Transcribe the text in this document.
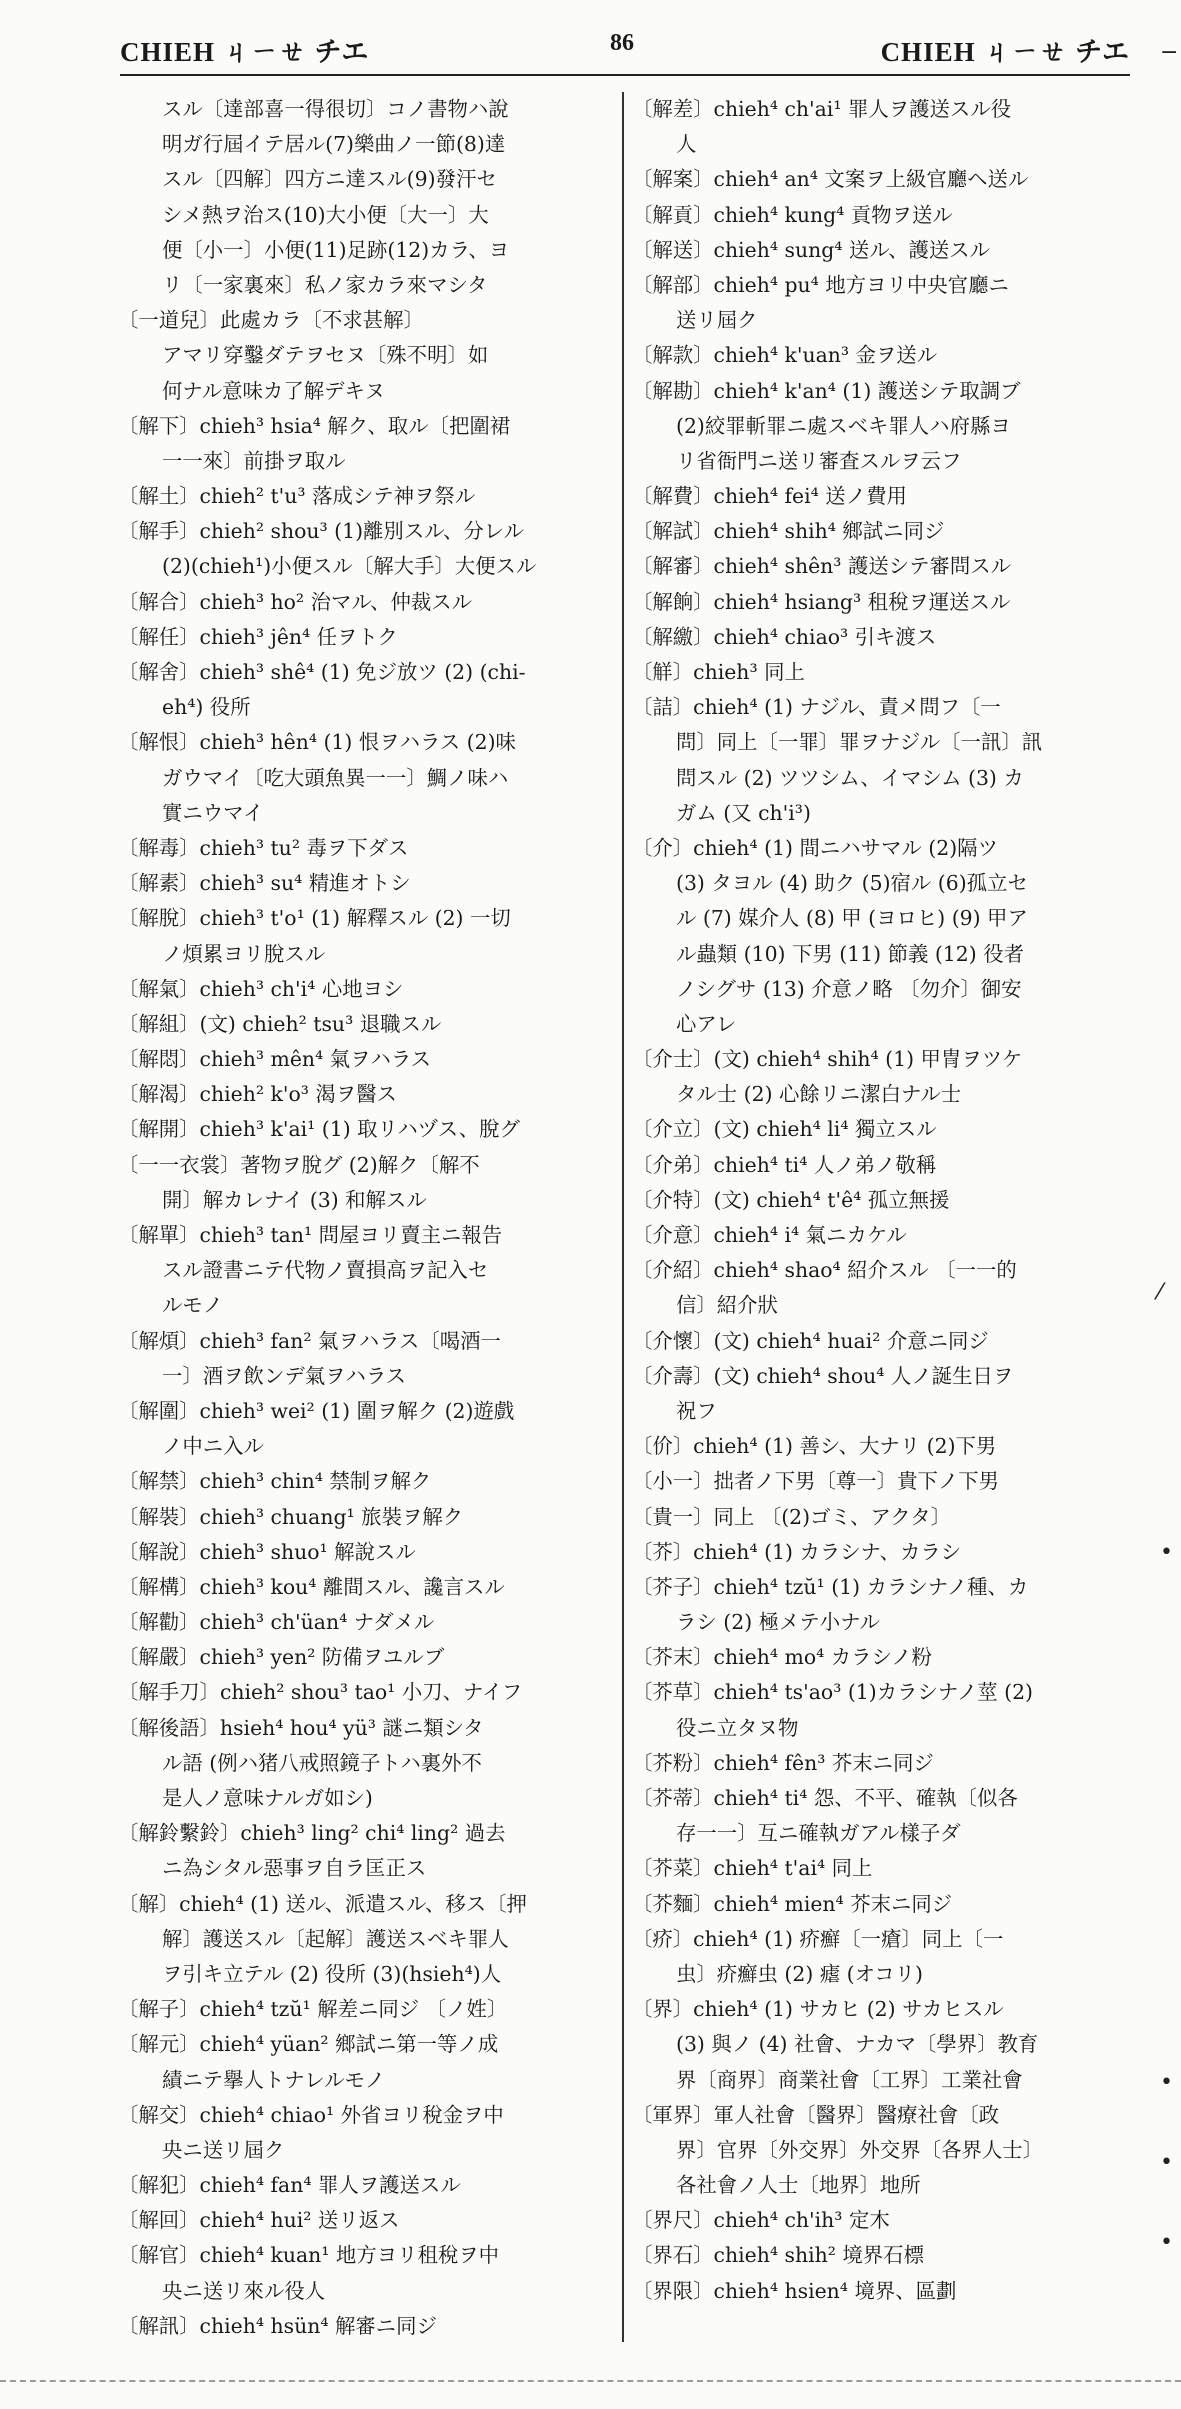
CHIEH ㄐㄧㄝ チエ	86	CHIEH ㄐㄧㄝ チエ
スル〔達部喜一得很切〕コノ書物ハ說
明ガ行屆イテ居ル(7)樂曲ノ一節(8)達
スル〔四解〕四方ニ達スル(9)發汗セ
シメ熱ヲ治ス(10)大小便〔大一〕大
便〔小一〕小便(11)足跡(12)カラ、ヨ
リ〔一家裏來〕私ノ家カラ來マシタ
〔一道兒〕此處カラ〔不求甚解〕
アマリ穿鑿ダテヲセヌ〔殊不明〕如
何ナル意味カ了解デキヌ
〔解下〕chieh³ hsia⁴ 解ク、取ル〔把圍裙
一一來〕前掛ヲ取ル
〔解土〕chieh² t'u³ 落成シテ神ヲ祭ル
〔解手〕chieh² shou³ (1)離別スル、分レル
(2)(chieh¹)小便スル〔解大手〕大便スル
〔解合〕chieh³ ho² 治マル、仲裁スル
〔解任〕chieh³ jên⁴ 任ヲトク
〔解舍〕chieh³ shê⁴ (1) 免ジ放ツ (2) (chi-
eh⁴) 役所
〔解恨〕chieh³ hên⁴ (1) 恨ヲハラス (2)味
ガウマイ〔吃大頭魚異一一〕鯛ノ味ハ
實ニウマイ
〔解毒〕chieh³ tu² 毒ヲ下ダス
〔解素〕chieh³ su⁴ 精進オトシ
〔解脫〕chieh³ t'o¹ (1) 解釋スル (2) 一切
ノ煩累ヨリ脫スル
〔解氣〕chieh³ ch'i⁴ 心地ヨシ
〔解組〕(文) chieh² tsu³ 退職スル
〔解悶〕chieh³ mên⁴ 氣ヲハラス
〔解渴〕chieh² k'o³ 渴ヲ醫ス
〔解開〕chieh³ k'ai¹ (1) 取リハヅス、脫グ
〔一一衣裳〕著物ヲ脫グ (2)解ク〔解不
開〕解カレナイ (3) 和解スル
〔解單〕chieh³ tan¹ 問屋ヨリ賣主ニ報告
スル證書ニテ代物ノ賣損高ヲ記入セ
ルモノ
〔解煩〕chieh³ fan² 氣ヲハラス〔喝酒一
一〕酒ヲ飲ンデ氣ヲハラス
〔解圍〕chieh³ wei² (1) 圍ヲ解ク (2)遊戲
ノ中ニ入ル
〔解禁〕chieh³ chin⁴ 禁制ヲ解ク
〔解裝〕chieh³ chuang¹ 旅裝ヲ解ク
〔解說〕chieh³ shuo¹ 解說スル
〔解構〕chieh³ kou⁴ 離間スル、讒言スル
〔解勸〕chieh³ ch'üan⁴ ナダメル
〔解嚴〕chieh³ yen² 防備ヲユルブ
〔解手刀〕chieh² shou³ tao¹ 小刀、ナイフ
〔解後語〕hsieh⁴ hou⁴ yü³ 謎ニ類シタ
ル語 (例ハ猪八戒照鏡子トハ裏外不
是人ノ意味ナルガ如シ)
〔解鈴繫鈴〕chieh³ ling² chi⁴ ling² 過去
ニ為シタル惡事ヲ自ラ匡正ス
〔解〕chieh⁴ (1) 送ル、派遣スル、移ス〔押
解〕護送スル〔起解〕護送スベキ罪人
ヲ引キ立テル (2) 役所 (3)(hsieh⁴)人
〔解子〕chieh⁴ tzŭ¹ 解差ニ同ジ 〔ノ姓〕
〔解元〕chieh⁴ yüan² 鄉試ニ第一等ノ成
績ニテ擧人トナレルモノ
〔解交〕chieh⁴ chiao¹ 外省ヨリ稅金ヲ中
央ニ送リ屆ク
〔解犯〕chieh⁴ fan⁴ 罪人ヲ護送スル
〔解回〕chieh⁴ hui² 送リ返ス
〔解官〕chieh⁴ kuan¹ 地方ヨリ租稅ヲ中
央ニ送リ來ル役人
〔解訊〕chieh⁴ hsün⁴ 解審ニ同ジ
〔解差〕chieh⁴ ch'ai¹ 罪人ヲ護送スル役
人
〔解案〕chieh⁴ an⁴ 文案ヲ上級官廳ヘ送ル
〔解貢〕chieh⁴ kung⁴ 貢物ヲ送ル
〔解送〕chieh⁴ sung⁴ 送ル、護送スル
〔解部〕chieh⁴ pu⁴ 地方ヨリ中央官廳ニ
送リ屆ク
〔解款〕chieh⁴ k'uan³ 金ヲ送ル
〔解勘〕chieh⁴ k'an⁴ (1) 護送シテ取調ブ
(2)絞罪斬罪ニ處スベキ罪人ハ府縣ヨ
リ省衙門ニ送リ審査スルヲ云フ
〔解費〕chieh⁴ fei⁴ 送ノ費用
〔解試〕chieh⁴ shih⁴ 鄉試ニ同ジ
〔解審〕chieh⁴ shên³ 護送シテ審問スル
〔解餉〕chieh⁴ hsiang³ 租稅ヲ運送スル
〔解繳〕chieh⁴ chiao³ 引キ渡ス
〔觧〕chieh³ 同上
〔詰〕chieh⁴ (1) ナジル、責メ問フ〔一
問〕同上〔一罪〕罪ヲナジル〔一訊〕訊
問スル (2) ツツシム、イマシム (3) カ
ガム (又 ch'i³)
〔介〕chieh⁴ (1) 間ニハサマル (2)隔ツ
(3) タヨル (4) 助ク (5)宿ル (6)孤立セ
ル (7) 媒介人 (8) 甲 (ヨロヒ) (9) 甲ア
ル蟲類 (10) 下男 (11) 節義 (12) 役者
ノシグサ (13) 介意ノ略 〔勿介〕御安
心アレ
〔介士〕(文) chieh⁴ shih⁴ (1) 甲冑ヲツケ
タル士 (2) 心餘リニ潔白ナル士
〔介立〕(文) chieh⁴ li⁴ 獨立スル
〔介弟〕chieh⁴ ti⁴ 人ノ弟ノ敬稱
〔介特〕(文) chieh⁴ t'ê⁴ 孤立無援
〔介意〕chieh⁴ i⁴ 氣ニカケル
〔介紹〕chieh⁴ shao⁴ 紹介スル 〔一一的
信〕紹介狀
〔介懷〕(文) chieh⁴ huai² 介意ニ同ジ
〔介壽〕(文) chieh⁴ shou⁴ 人ノ誕生日ヲ
祝フ
〔价〕chieh⁴ (1) 善シ、大ナリ (2)下男
〔小一〕拙者ノ下男〔尊一〕貴下ノ下男
〔貴一〕同上 〔(2)ゴミ、アクタ〕
〔芥〕chieh⁴ (1) カラシナ、カラシ
〔芥子〕chieh⁴ tzŭ¹ (1) カラシナノ種、カ
ラシ (2) 極メテ小ナル
〔芥末〕chieh⁴ mo⁴ カラシノ粉
〔芥草〕chieh⁴ ts'ao³ (1)カラシナノ莖 (2)
役ニ立タヌ物
〔芥粉〕chieh⁴ fên³ 芥末ニ同ジ
〔芥蒂〕chieh⁴ ti⁴ 怨、不平、確執〔似各
存一一〕互ニ確執ガアル樣子ダ
〔芥菜〕chieh⁴ t'ai⁴ 同上
〔芥麵〕chieh⁴ mien⁴ 芥末ニ同ジ
〔疥〕chieh⁴ (1) 疥癬〔一瘡〕同上〔一
虫〕疥癬虫 (2) 瘧 (オコリ)
〔界〕chieh⁴ (1) サカヒ (2) サカヒスル
(3) 與ノ (4) 社會、ナカマ〔學界〕教育
界〔商界〕商業社會〔工界〕工業社會
〔軍界〕軍人社會〔醫界〕醫療社會〔政
界〕官界〔外交界〕外交界〔各界人士〕
各社會ノ人士〔地界〕地所
〔界尺〕chieh⁴ ch'ih³ 定木
〔界石〕chieh⁴ shih² 境界石標
〔界限〕chieh⁴ hsien⁴ 境界、區劃
−
⁄
•
•
•
•
